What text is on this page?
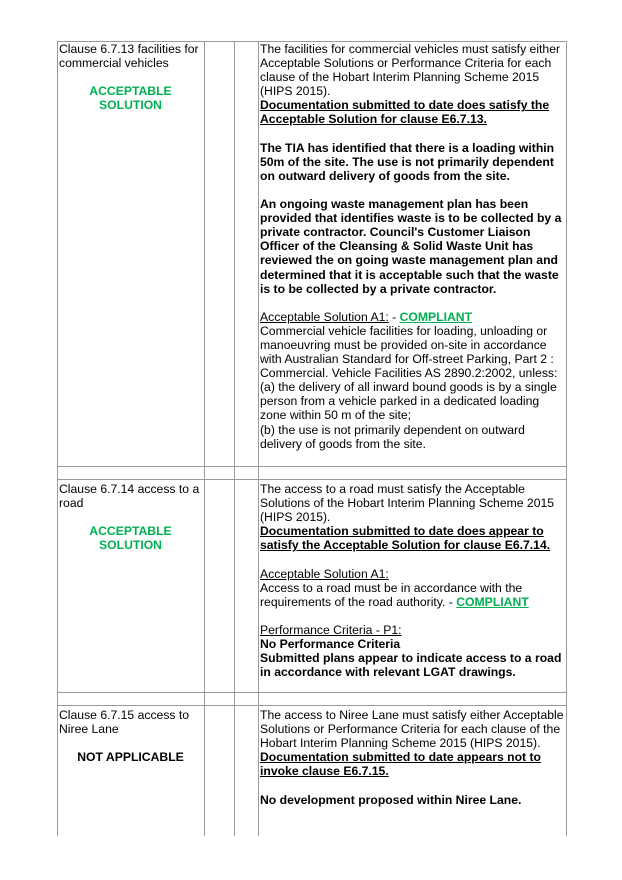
Clause 6.7.13 facilities for commercial vehicles

ACCEPTABLE SOLUTION

The facilities for commercial vehicles must satisfy either Acceptable Solutions or Performance Criteria for each clause of the Hobart Interim Planning Scheme 2015 (HIPS 2015).

Documentation submitted to date does satisfy the Acceptable Solution for clause E6.7.13.

The TIA has identified that there is a loading within 50m of the site. The use is not primarily dependent on outward delivery of goods from the site.

An ongoing waste management plan has been provided that identifies waste is to be collected by a private contractor. Council's Customer Liaison Officer of the Cleansing & Solid Waste Unit has reviewed the on going waste management plan and determined that it is acceptable such that the waste is to be collected by a private contractor.

Acceptable Solution A1: - COMPLIANT

Commercial vehicle facilities for loading, unloading or manoeuvring must be provided on-site in accordance with Australian Standard for Off-street Parking, Part 2 : Commercial. Vehicle Facilities AS 2890.2:2002, unless:

(a) the delivery of all inward bound goods is by a single person from a vehicle parked in a dedicated loading zone within 50 m of the site;

(b) the use is not primarily dependent on outward delivery of goods from the site.

Clause 6.7.14 access to a road

ACCEPTABLE SOLUTION

The access to a road must satisfy the Acceptable Solutions of the Hobart Interim Planning Scheme 2015 (HIPS 2015).

Documentation submitted to date does appear to satisfy the Acceptable Solution for clause E6.7.14.

Acceptable Solution A1:

Access to a road must be in accordance with the requirements of the road authority. - COMPLIANT

Performance Criteria - P1:

No Performance Criteria

Submitted plans appear to indicate access to a road in accordance with relevant LGAT drawings.

Clause 6.7.15 access to Niree Lane

NOT APPLICABLE

The access to Niree Lane must satisfy either Acceptable Solutions or Performance Criteria for each clause of the Hobart Interim Planning Scheme 2015 (HIPS 2015).

Documentation submitted to date appears not to invoke clause E6.7.15.

No development proposed within Niree Lane.
